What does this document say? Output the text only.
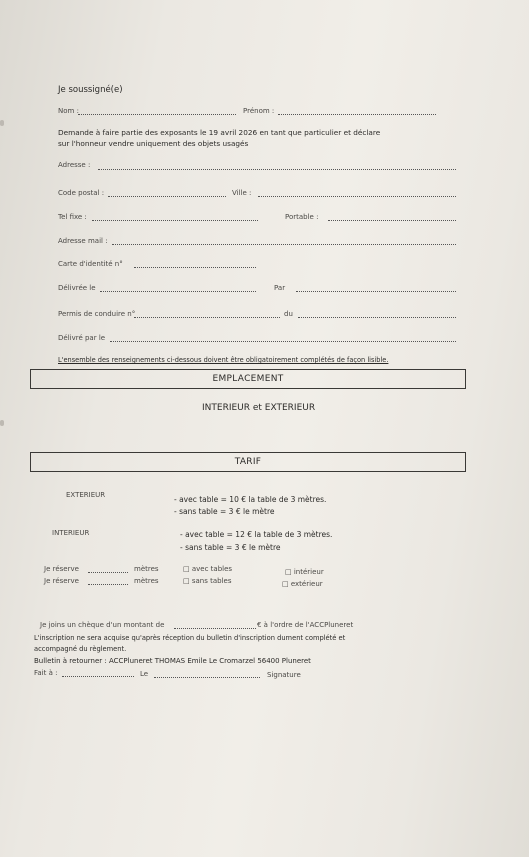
Je soussigné(e)
Nom :	Prénom :
Demande à faire partie des exposants le 19 avril 2026 en tant que particulier et déclare
sur l'honneur vendre uniquement des objets usagés
Adresse :
Code postal :	Ville :
Tel fixe :	Portable :
Adresse mail :
Carte d'identité n°
Délivrée le	Par
Permis de conduire n°	du
Délivré par le
L'ensemble des renseignements ci-dessous doivent être obligatoirement complétés de façon lisible.
EMPLACEMENT
INTERIEUR et EXTERIEUR
TARIF
EXTERIEUR	- avec table = 10 € la table de 3 mètres.
- sans table = 3 € le mètre
INTERIEUR	- avec table = 12 € la table de 3 mètres.
- sans table = 3 € le mètre
Je réserve	mètres	□ avec tables	□ intérieur
Je réserve	mètres	□ sans tables	□ extérieur
Je joins un chèque d'un montant de	€ à l'ordre de l'ACCPluneret
L'inscription ne sera acquise qu'après réception du bulletin d'inscription dument complété et
accompagné du règlement.
Bulletin à retourner : ACCPluneret THOMAS Emile Le Cromarzel 56400 Pluneret
Fait à :	Le	Signature
